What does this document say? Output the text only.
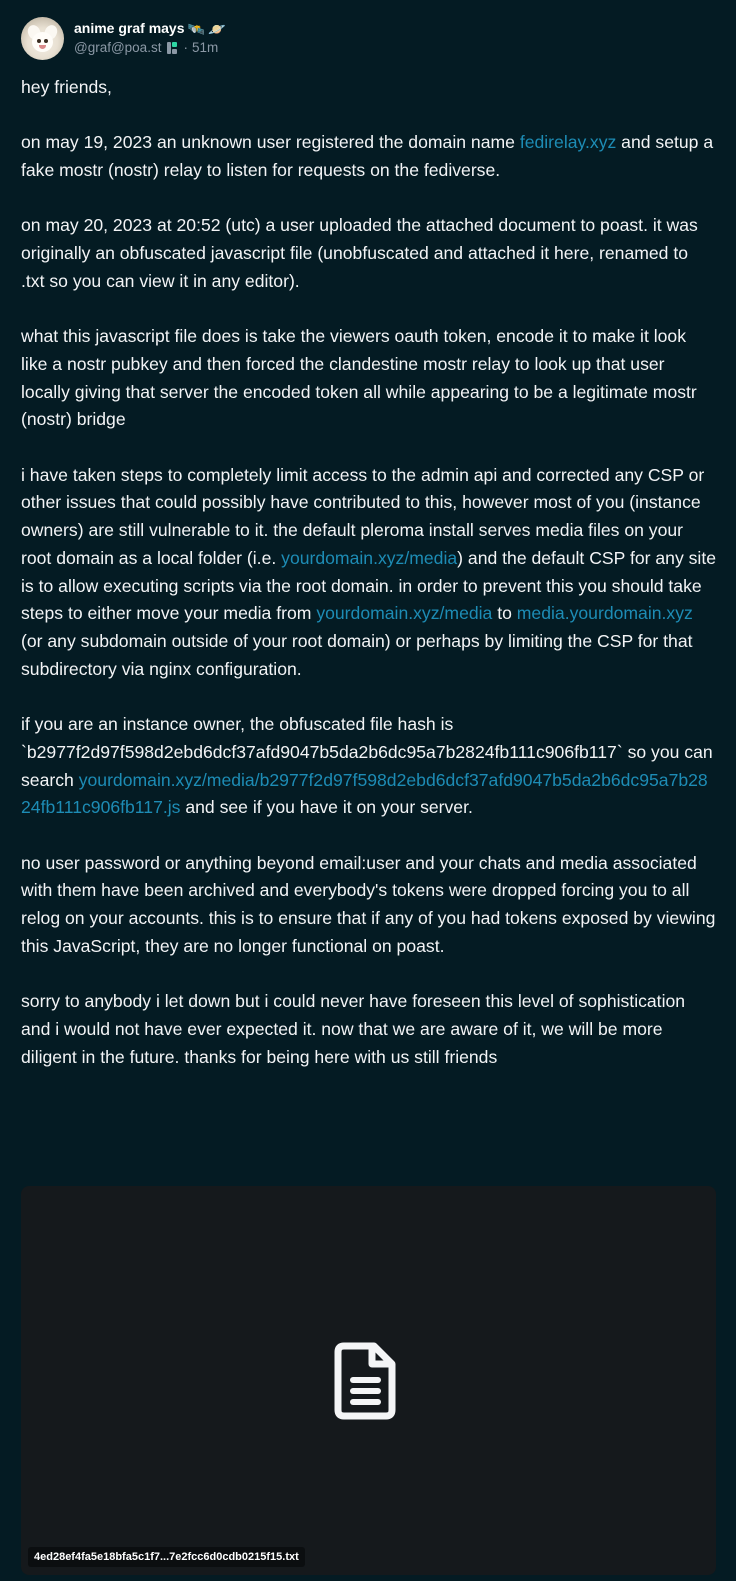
anime graf mays 🛰️ 🪐
@graf@poa.st · 51m

hey friends,

on may 19, 2023 an unknown user registered the domain name fedirelay.xyz and setup a fake mostr (nostr) relay to listen for requests on the fediverse.

on may 20, 2023 at 20:52 (utc) a user uploaded the attached document to poast. it was originally an obfuscated javascript file (unobfuscated and attached it here, renamed to .txt so you can view it in any editor).

what this javascript file does is take the viewers oauth token, encode it to make it look like a nostr pubkey and then forced the clandestine mostr relay to look up that user locally giving that server the encoded token all while appearing to be a legitimate mostr (nostr) bridge

i have taken steps to completely limit access to the admin api and corrected any CSP or other issues that could possibly have contributed to this, however most of you (instance owners) are still vulnerable to it. the default pleroma install serves media files on your root domain as a local folder (i.e. yourdomain.xyz/media) and the default CSP for any site is to allow executing scripts via the root domain. in order to prevent this you should take steps to either move your media from yourdomain.xyz/media to media.yourdomain.xyz (or any subdomain outside of your root domain) or perhaps by limiting the CSP for that subdirectory via nginx configuration.

if you are an instance owner, the obfuscated file hash is `b2977f2d97f598d2ebd6dcf37afd9047b5da2b6dc95a7b2824fb111c906fb117` so you can search yourdomain.xyz/media/b2977f2d97f598d2ebd6dcf37afd9047b5da2b6dc95a7b2824fb111c906fb117.js and see if you have it on your server.

no user password or anything beyond email:user and your chats and media associated with them have been archived and everybody's tokens were dropped forcing you to all relog on your accounts. this is to ensure that if any of you had tokens exposed by viewing this JavaScript, they are no longer functional on poast.

sorry to anybody i let down but i could never have foreseen this level of sophistication and i would not have ever expected it. now that we are aware of it, we will be more diligent in the future. thanks for being here with us still friends

4ed28ef4fa5e18bfa5c1f7...7e2fcc6d0cdb0215f15.txt
